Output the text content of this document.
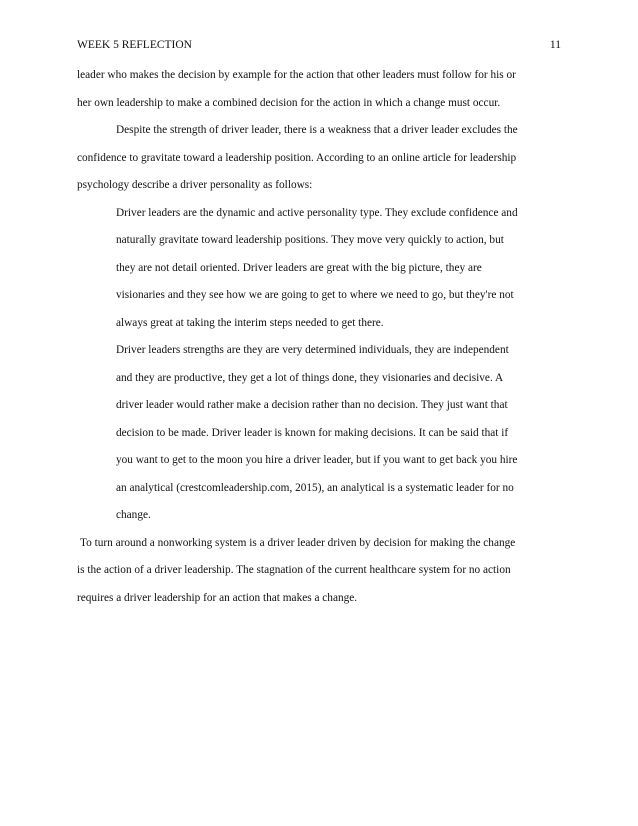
WEEK 5 REFLECTION	11
leader who makes the decision by example for the action that other leaders must follow for his or
her own leadership to make a combined decision for the action in which a change must occur.
Despite the strength of driver leader, there is a weakness that a driver leader excludes the
confidence to gravitate toward a leadership position. According to an online article for leadership
psychology describe a driver personality as follows:
Driver leaders are the dynamic and active personality type. They exclude confidence and
naturally gravitate toward leadership positions. They move very quickly to action, but
they are not detail oriented. Driver leaders are great with the big picture, they are
visionaries and they see how we are going to get to where we need to go, but they're not
always great at taking the interim steps needed to get there.
Driver leaders strengths are they are very determined individuals, they are independent
and they are productive, they get a lot of things done, they visionaries and decisive. A
driver leader would rather make a decision rather than no decision. They just want that
decision to be made. Driver leader is known for making decisions. It can be said that if
you want to get to the moon you hire a driver leader, but if you want to get back you hire
an analytical (crestcomleadership.com, 2015), an analytical is a systematic leader for no
change.
To turn around a nonworking system is a driver leader driven by decision for making the change
is the action of a driver leadership. The stagnation of the current healthcare system for no action
requires a driver leadership for an action that makes a change.
